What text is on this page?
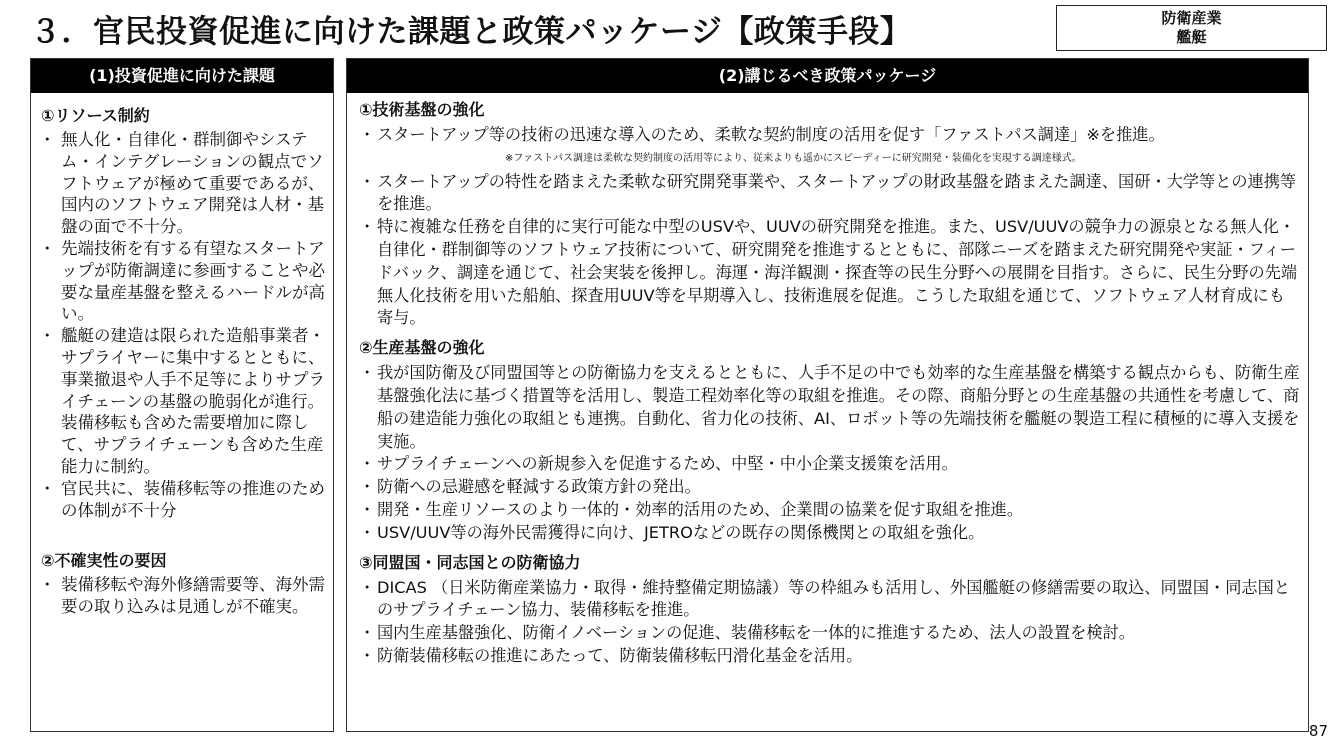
３．官民投資促進に向けた課題と政策パッケージ【政策手段】	防衛産業
艦艇
(1)投資促進に向けた課題
①リソース制約
・ 無人化・自律化・群制御やシステム・インテグレーションの観点でソフトウェアが極めて重要であるが、国内のソフトウェア開発は人材・基盤の面で不十分。
・ 先端技術を有する有望なスタートアップが防衛調達に参画することや必要な量産基盤を整えるハードルが高い。
・ 艦艇の建造は限られた造船事業者・サプライヤーに集中するとともに、事業撤退や人手不足等によりサプライチェーンの基盤の脆弱化が進行。装備移転も含めた需要増加に際して、サプライチェーンも含めた生産能力に制約。
・ 官民共に、装備移転等の推進のための体制が不十分
②不確実性の要因
・ 装備移転や海外修繕需要等、海外需要の取り込みは見通しが不確実。
(2)講じるべき政策パッケージ
①技術基盤の強化
・ スタートアップ等の技術の迅速な導入のため、柔軟な契約制度の活用を促す「ファストパス調達」※を推進。※ファストパス調達は柔軟な契約制度の活用等により、従来よりも遥かにスピーディーに研究開発・装備化を実現する調達様式。
・ スタートアップの特性を踏まえた柔軟な研究開発事業や、スタートアップの財政基盤を踏まえた調達、国研・大学等との連携等を推進。
・ 特に複雑な任務を自律的に実行可能な中型のUSVや、UUVの研究開発を推進。また、USV/UUVの競争力の源泉となる無人化・自律化・群制御等のソフトウェア技術について、研究開発を推進するとともに、部隊ニーズを踏まえた研究開発や実証・フィードバック、調達を通じて、社会実装を後押し。海運・海洋観測・探査等の民生分野への展開を目指す。さらに、民生分野の先端無人化技術を用いた船舶、探査用UUV等を早期導入し、技術進展を促進。こうした取組を通じて、ソフトウェア人材育成にも寄与。
②生産基盤の強化
・ 我が国防衛及び同盟国等との防衛協力を支えるとともに、人手不足の中でも効率的な生産基盤を構築する観点からも、防衛生産基盤強化法に基づく措置等を活用し、製造工程効率化等の取組を推進。その際、商船分野との生産基盤の共通性を考慮して、商船の建造能力強化の取組とも連携。自動化、省力化の技術、AI、ロボット等の先端技術を艦艇の製造工程に積極的に導入支援を実施。
・ サプライチェーンへの新規参入を促進するため、中堅・中小企業支援策を活用。
・ 防衛への忌避感を軽減する政策方針の発出。
・ 開発・生産リソースのより一体的・効率的活用のため、企業間の協業を促す取組を推進。
・ USV/UUV等の海外民需獲得に向け、JETROなどの既存の関係機関との取組を強化。
③同盟国・同志国との防衛協力
・ DICAS （日米防衛産業協力・取得・維持整備定期協議）等の枠組みも活用し、外国艦艇の修繕需要の取込、同盟国・同志国とのサプライチェーン協力、装備移転を推進。
・ 国内生産基盤強化、防衛イノベーションの促進、装備移転を一体的に推進するため、法人の設置を検討。
・ 防衛装備移転の推進にあたって、防衛装備移転円滑化基金を活用。
87
